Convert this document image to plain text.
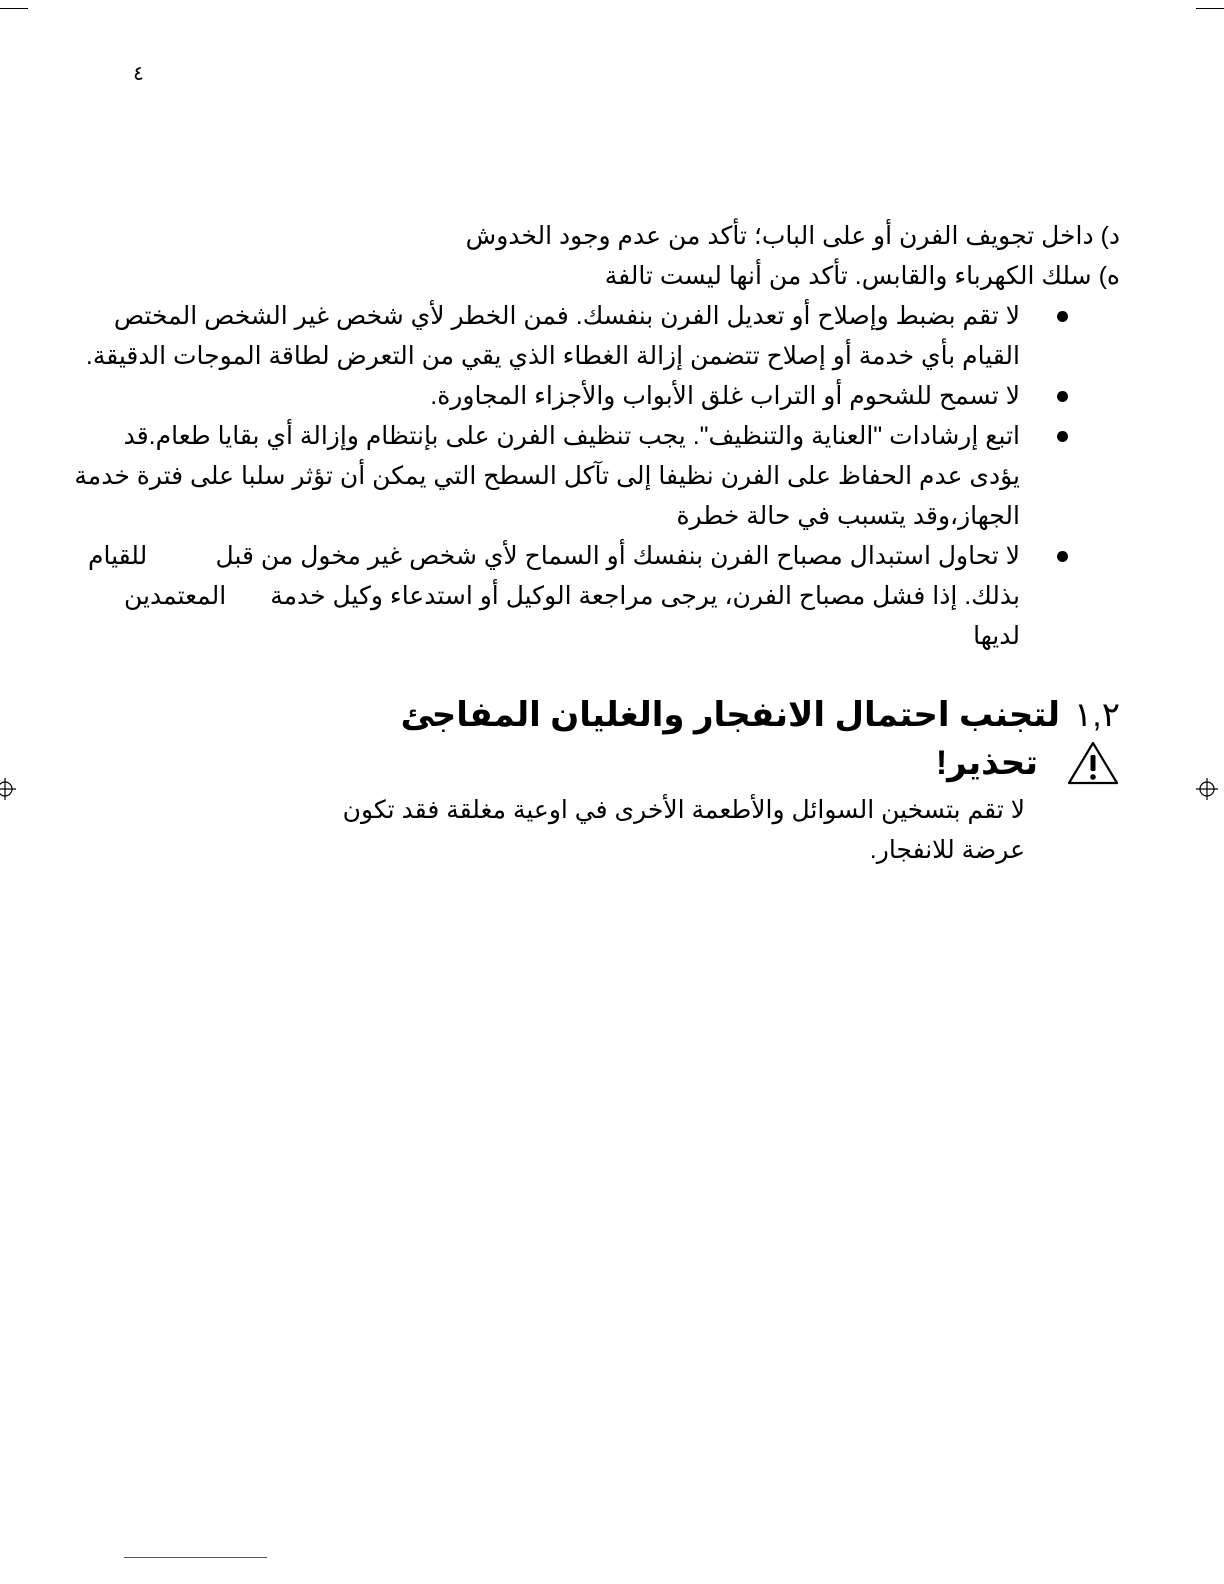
٤
د) داخل تجويف الفرن أو على الباب؛ تأكد من عدم وجود الخدوش
ه) سلك الكهرباء والقابس. تأكد من أنها ليست تالفة
لا تقم بضبط وإصلاح أو تعديل الفرن بنفسك. فمن الخطر لأي شخص غير الشخص المختص
القيام بأي خدمة أو إصلاح تتضمن إزالة الغطاء الذي يقي من التعرض لطاقة الموجات الدقيقة.
لا تسمح للشحوم أو التراب غلق الأبواب والأجزاء المجاورة.
اتبع إرشادات "العناية والتنظيف". يجب تنظيف الفرن على بإنتظام وإزالة أي بقايا طعام.قد
يؤدى عدم الحفاظ على الفرن نظيفا إلى تآكل السطح التي يمكن أن تؤثر سلبا على فترة خدمة
الجهاز،وقد يتسبب في حالة خطرة
لا تحاول استبدال مصباح الفرن بنفسك أو السماح لأي شخص غير مخول من قبل
للقيام
بذلك. إذا فشل مصباح الفرن، يرجى مراجعة الوكيل أو استدعاء وكيل خدمة
المعتمدين
لديها
١,٢لتجنب احتمال الانفجار والغليان المفاجئ
تحذير!
لا تقم بتسخين السوائل والأطعمة الأخرى في اوعية مغلقة فقد تكون
عرضة للانفجار.
